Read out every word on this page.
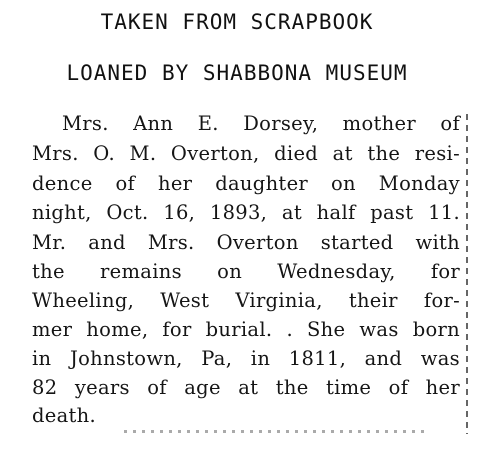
TAKEN FROM SCRAPBOOK
LOANED BY SHABBONA MUSEUM
Mrs. Ann E. Dorsey, mother of
Mrs. O. M. Overton, died at the resi-
dence of her daughter on Monday
night, Oct. 16, 1893, at half past 11.
Mr. and Mrs. Overton started with
the remains on Wednesday, for
Wheeling, West Virginia, their for-
mer home, for burial. . She was born
in Johnstown, Pa, in 1811, and was
82 years of age at the time of her
death.
